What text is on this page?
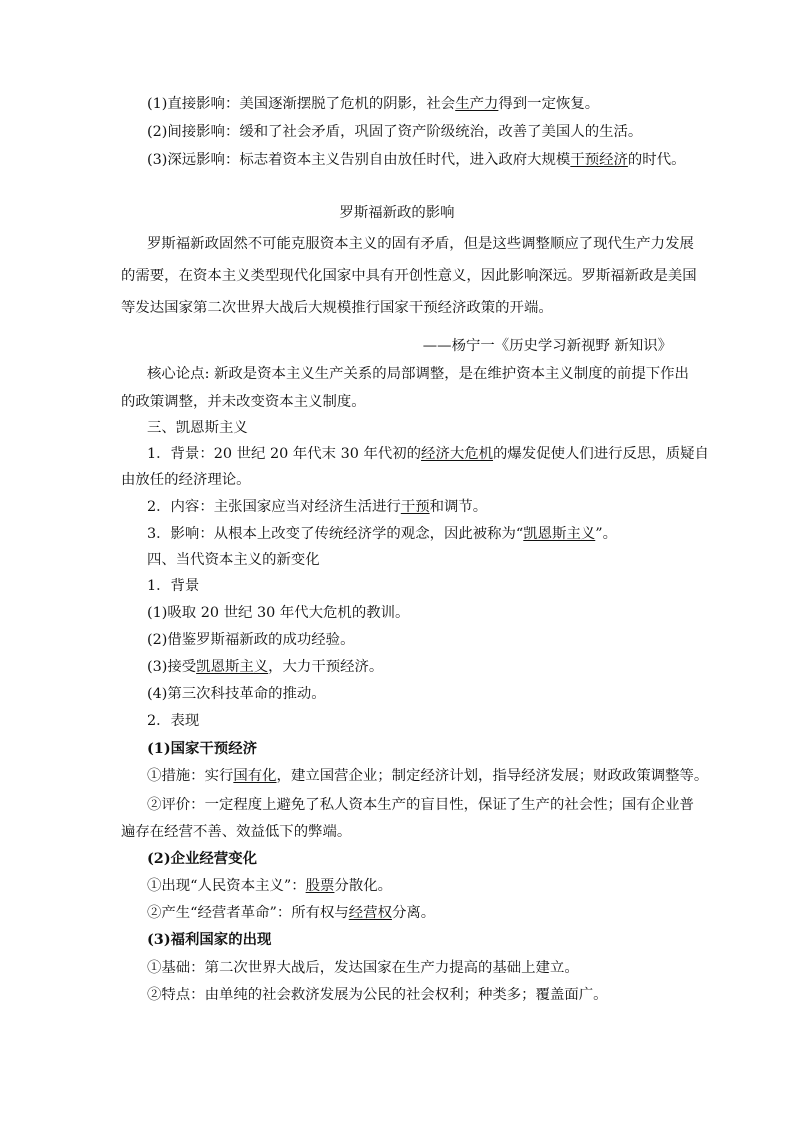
(1)直接影响：美国逐渐摆脱了危机的阴影，社会生产力得到一定恢复。
(2)间接影响：缓和了社会矛盾，巩固了资产阶级统治，改善了美国人的生活。
(3)深远影响：标志着资本主义告别自由放任时代，进入政府大规模干预经济的时代。
罗斯福新政的影响
罗斯福新政固然不可能克服资本主义的固有矛盾，但是这些调整顺应了现代生产力发展
的需要，在资本主义类型现代化国家中具有开创性意义，因此影响深远。罗斯福新政是美国
等发达国家第二次世界大战后大规模推行国家干预经济政策的开端。
——杨宁一《历史学习新视野 新知识》
核心论点: 新政是资本主义生产关系的局部调整，是在维护资本主义制度的前提下作出
的政策调整，并未改变资本主义制度。
三、凯恩斯主义
1．背景：20 世纪 20 年代末 30 年代初的经济大危机的爆发促使人们进行反思，质疑自
由放任的经济理论。
2．内容：主张国家应当对经济生活进行干预和调节。
3．影响：从根本上改变了传统经济学的观念，因此被称为“凯恩斯主义”。
四、当代资本主义的新变化
1．背景
(1)吸取 20 世纪 30 年代大危机的教训。
(2)借鉴罗斯福新政的成功经验。
(3)接受凯恩斯主义，大力干预经济。
(4)第三次科技革命的推动。
2．表现
(1)国家干预经济
①措施：实行国有化，建立国营企业；制定经济计划，指导经济发展；财政政策调整等。
②评价：一定程度上避免了私人资本生产的盲目性，保证了生产的社会性；国有企业普
遍存在经营不善、效益低下的弊端。
(2)企业经营变化
①出现“人民资本主义”：股票分散化。
②产生“经营者革命”：所有权与经营权分离。
(3)福利国家的出现
①基础：第二次世界大战后，发达国家在生产力提高的基础上建立。
②特点：由单纯的社会救济发展为公民的社会权利；种类多；覆盖面广。
